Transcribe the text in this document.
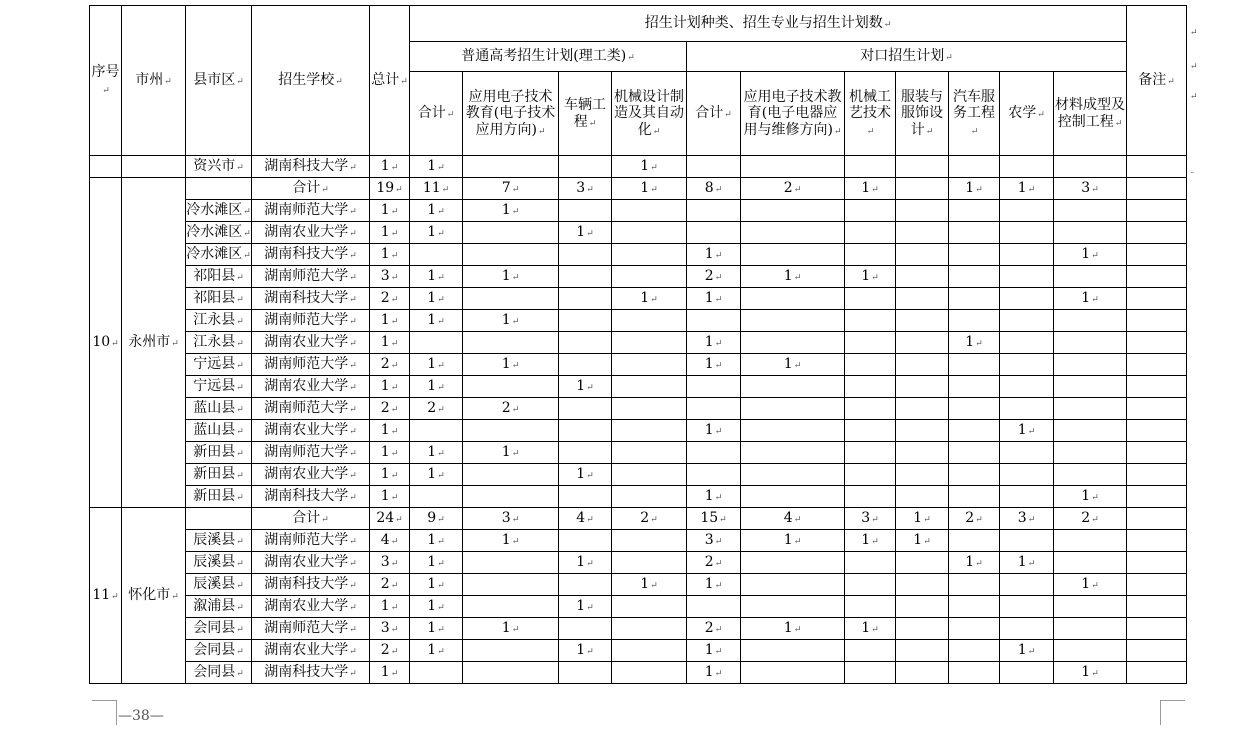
序号 ↵	市州 ↵	县市区 ↵	招生学校 ↵	总计 ↵	招生计划种类、招生专业与招生计划数 ↵											备注 ↵
					普通高考招生计划(理工类) ↵				对口招生计划 ↵
					合计 ↵	应用电子技术教育(电子技术应用方向) ↵	车辆工程 ↵	机械设计制造及其自动化 ↵	合计 ↵	应用电子技术教育(电子电器应用与维修方向) ↵	机械工艺技术 ↵	服装与服饰设计 ↵	汽车服务工程 ↵	农学 ↵	材料成型及控制工程 ↵
		资兴市 ↵	湖南科技大学 ↵	1 ↵	1 ↵			1 ↵								
10 ↵	永州市 ↵		合计 ↵	19 ↵	11 ↵	7 ↵	3 ↵	1 ↵	8 ↵	2 ↵	1 ↵		1 ↵	1 ↵	3 ↵	
		冷水滩区 ↵	湖南师范大学 ↵	1 ↵	1 ↵	1 ↵										
		冷水滩区 ↵	湖南农业大学 ↵	1 ↵	1 ↵		1 ↵									
		冷水滩区 ↵	湖南科技大学 ↵	1 ↵					1 ↵						1 ↵	
		祁阳县 ↵	湖南师范大学 ↵	3 ↵	1 ↵	1 ↵			2 ↵	1 ↵	1 ↵					
		祁阳县 ↵	湖南科技大学 ↵	2 ↵	1 ↵			1 ↵	1 ↵						1 ↵	
		江永县 ↵	湖南师范大学 ↵	1 ↵	1 ↵	1 ↵										
		江永县 ↵	湖南农业大学 ↵	1 ↵					1 ↵				1 ↵			
		宁远县 ↵	湖南师范大学 ↵	2 ↵	1 ↵	1 ↵			1 ↵	1 ↵						
		宁远县 ↵	湖南农业大学 ↵	1 ↵	1 ↵		1 ↵									
		蓝山县 ↵	湖南师范大学 ↵	2 ↵	2 ↵	2 ↵										
		蓝山县 ↵	湖南农业大学 ↵	1 ↵					1 ↵					1 ↵		
		新田县 ↵	湖南师范大学 ↵	1 ↵	1 ↵	1 ↵										
		新田县 ↵	湖南农业大学 ↵	1 ↵	1 ↵		1 ↵									
		新田县 ↵	湖南科技大学 ↵	1 ↵					1 ↵						1 ↵	
11 ↵	怀化市 ↵		合计 ↵	24 ↵	9 ↵	3 ↵	4 ↵	2 ↵	15 ↵	4 ↵	3 ↵	1 ↵	2 ↵	3 ↵	2 ↵	
		辰溪县 ↵	湖南师范大学 ↵	4 ↵	1 ↵	1 ↵			3 ↵	1 ↵	1 ↵	1 ↵				
		辰溪县 ↵	湖南农业大学 ↵	3 ↵	1 ↵		1 ↵		2 ↵				1 ↵	1 ↵		
		辰溪县 ↵	湖南科技大学 ↵	2 ↵	1 ↵			1 ↵	1 ↵						1 ↵	
		溆浦县 ↵	湖南农业大学 ↵	1 ↵	1 ↵		1 ↵									
		会同县 ↵	湖南师范大学 ↵	3 ↵	1 ↵	1 ↵			2 ↵	1 ↵	1 ↵					
		会同县 ↵	湖南农业大学 ↵	2 ↵	1 ↵		1 ↵		1 ↵					1 ↵		
		会同县 ↵	湖南科技大学 ↵	1 ↵					1 ↵						1 ↵	
↵
↵
↵
˘
—38—
